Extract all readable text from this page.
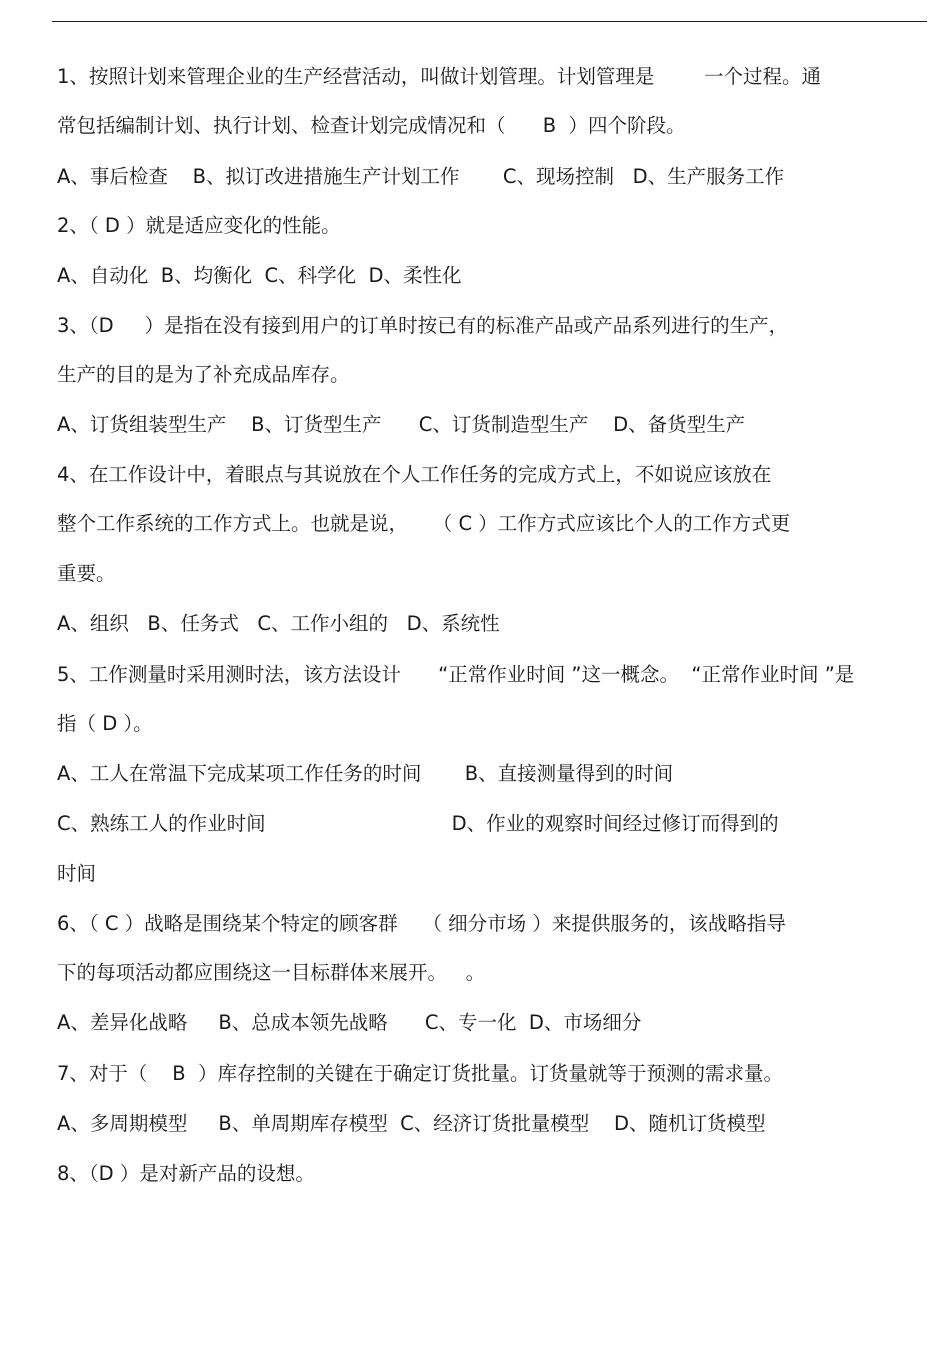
1、按照计划来管理企业的生产经营活动，叫做计划管理。计划管理是        一个过程。通
常包括编制计划、执行计划、检查计划完成情况和（      B  ）四个阶段。
A、事后检查    B、拟订改进措施生产计划工作       C、现场控制   D、生产服务工作
2、（ D ）就是适应变化的性能。
A、自动化  B、均衡化  C、科学化  D、柔性化
3、（D     ）是指在没有接到用户的订单时按已有的标准产品或产品系列进行的生产，
生产的目的是为了补充成品库存。
A、订货组装型生产    B、订货型生产      C、订货制造型生产    D、备货型生产
4、在工作设计中，着眼点与其说放在个人工作任务的完成方式上，不如说应该放在
整个工作系统的工作方式上。也就是说，    （ C ）工作方式应该比个人的工作方式更
重要。
A、组织   B、任务式   C、工作小组的   D、系统性
5、工作测量时采用测时法，该方法设计      “正常作业时间 ”这一概念。  “正常作业时间 ”是
指（ D ）。
A、工人在常温下完成某项工作任务的时间       B、直接测量得到的时间
C、熟练工人的作业时间                              D、作业的观察时间经过修订而得到的
时间
6、（ C ）战略是围绕某个特定的顾客群    （ 细分市场 ）来提供服务的，该战略指导
下的每项活动都应围绕这一目标群体来展开。   。
A、差异化战略     B、总成本领先战略      C、专一化  D、市场细分
7、对于（    B  ）库存控制的关键在于确定订货批量。订货量就等于预测的需求量。
A、多周期模型     B、单周期库存模型  C、经济订货批量模型    D、随机订货模型
8、（D ）是对新产品的设想。
